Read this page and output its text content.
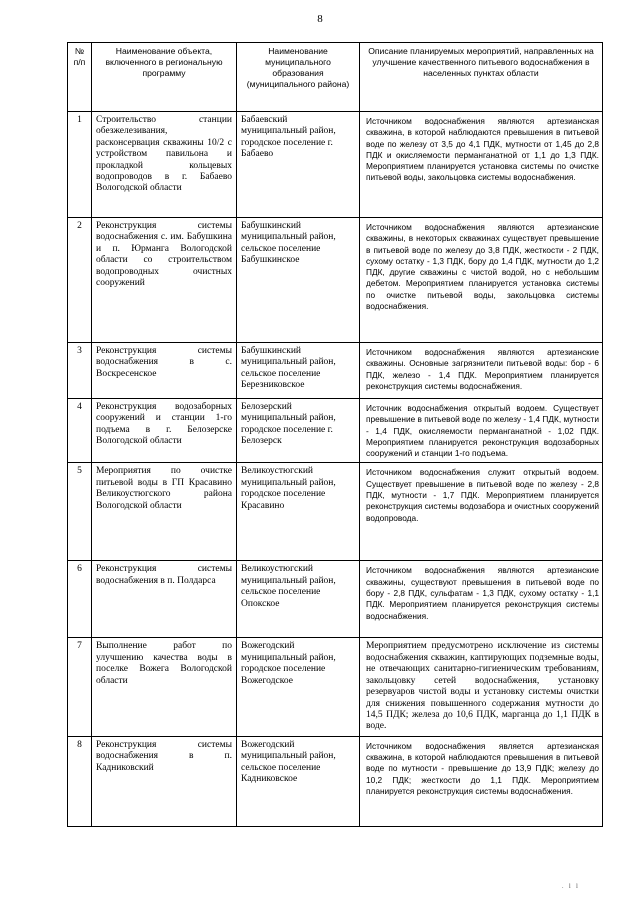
8
№ п/п	Наименование объекта, включенного в региональную программу	Наименование муниципального образования (муниципального района)	Описание планируемых мероприятий, направленных на улучшение качественного питьевого водоснабжения в населенных пунктах области
1	Строительство станции обезжелезивания, раcконсервация скважины 10/2 с устройством павильона и прокладкой кольцевых водопроводов в г. Бабаево Вологодской области	Бабаевский муниципальный район, городское поселение г. Бабаево	Источником водоснабжения являются артезианская скважина, в которой наблюдаются превышения в питьевой воде по железу от 3,5 до 4,1 ПДК, мутности от 1,45 до 2,8 ПДК и окисляемости перманганатной от 1,1 до 1,3 ПДК. Мероприятием планируется установка системы по очистке питьевой воды, закольцовка системы водоснабжения.
2	Реконструкция системы водоснабжения с. им. Бабушкина и п. Юрманга Вологодской области со строительством водопроводных очистных сооружений	Бабушкинский муниципальный район, сельское поселение Бабушкинское	Источником водоснабжения являются артезианские скважины, в некоторых скважинах существует превышение в питьевой воде по железу до 3,8 ПДК, жесткости - 2 ПДК, сухому остатку - 1,3 ПДК, бору до 1,4 ПДК, мутности до 1,2 ПДК, другие скважины с чистой водой, но с небольшим дебетом. Мероприятием планируется установка системы по очистке питьевой воды, закольцовка системы водоснабжения.
3	Реконструкция системы водоснабжения в с. Воскресенское	Бабушкинский муниципальный район, сельское поселение Березниковское	Источником водоснабжения являются артезианские скважины. Основные загрязнители питьевой воды: бор - 6 ПДК, железо - 1,4 ПДК. Мероприятием планируется реконструкция системы водоснабжения.
4	Реконструкция водозаборных сооружений и станции 1-го подъема в г. Белозерске Вологодской области	Белозерский муниципальный район, городское поселение г. Белозерск	Источник водоснабжения открытый водоем. Существует превышение в питьевой воде по железу - 1,4 ПДК, мутности - 1,4 ПДК, окисляемости перманганатной - 1,02 ПДК. Мероприятием планируется реконструкция водозаборных сооружений и станции 1-го подъема.
5	Мероприятия по очистке питьевой воды в ГП Красавино Великоустюгского района Вологодской области	Великоустюгский муниципальный район, городское поселение Красавино	Источником водоснабжения служит открытый водоем. Существует превышение в питьевой воде по железу - 2,8 ПДК, мутности - 1,7 ПДК. Мероприятием планируется реконструкция системы водозабора и очистных сооружений водопровода.
6	Реконструкция системы водоснабжения в п. Полдарса	Великоустюгский муниципальный район, сельское поселение Опокское	Источником водоснабжения являются артезианские скважины, существуют превышения в питьевой воде по бору - 2,8 ПДК, сульфатам - 1,3 ПДК, сухому остатку - 1,1 ПДК. Мероприятием планируется реконструкция системы водоснабжения.
7	Выполнение работ по улучшению качества воды в поселке Вожега Вологодской области	Вожегодский муниципальный район, городское поселение Вожегодское	Мероприятием предусмотрено исключение из системы водоснабжения скважин, каптирующих подземные воды, не отвечающих санитарно-гигиеническим требованиям, закольцовку сетей водоснабжения, установку резервуаров чистой воды и установку системы очистки для снижения повышенного содержания мутности до 14,5 ПДК; железа до 10,6 ПДК, марганца до 1,1 ПДК в воде.
8	Реконструкция системы водоснабжения в п. Кадниковский	Вожегодский муниципальный район, сельское поселение Кадниковское	Источником водоснабжения является артезианская скважина, в которой наблюдаются превышения в питьевой воде по мутности - превышение до 13,9 ПДК; железу до 10,2 ПДК; жесткости до 1,1 ПДК. Мероприятием планируется реконструкция системы водоснабжения.
. l l
